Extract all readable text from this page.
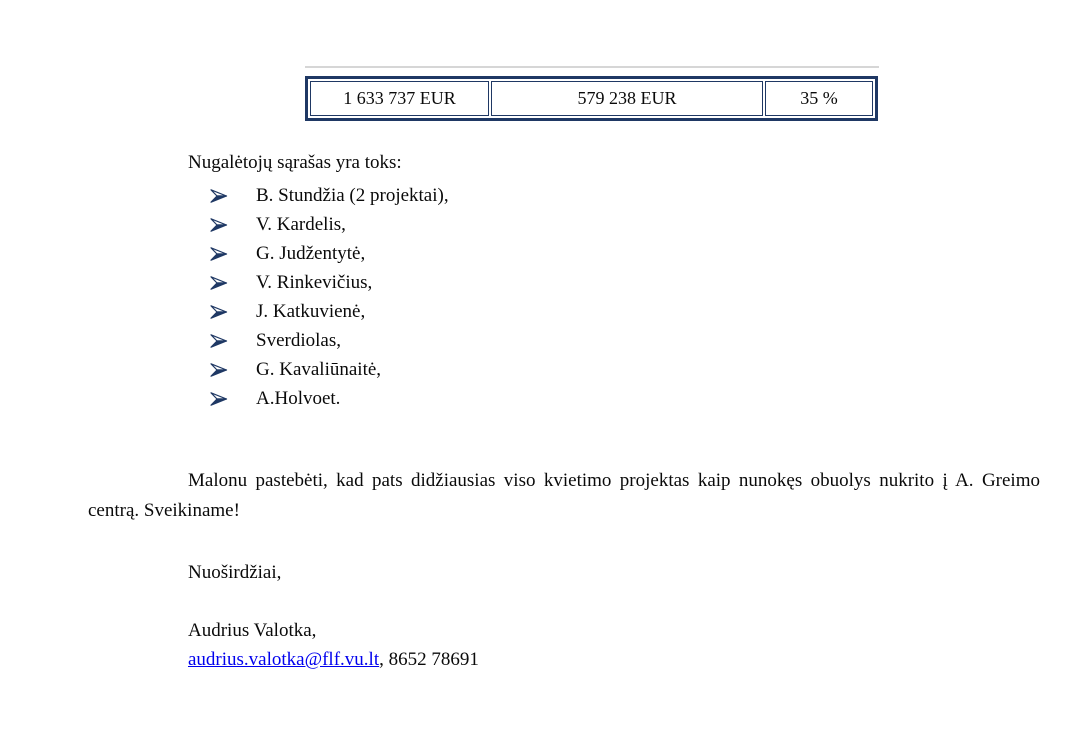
1 633 737 EUR	579 238 EUR	35 %
Nugalėtojų sąrašas yra toks:
B. Stundžia (2 projektai),
V. Kardelis,
G. Judžentytė,
V. Rinkevičius,
J. Katkuvienė,
Sverdiolas,
G. Kavaliūnaitė,
A.Holvoet.

Malonu pastebėti, kad pats didžiausias viso kvietimo projektas kaip nunokęs obuolys nukrito į A. Greimo centrą. Sveikiname!

Nuoširdžiai,
Audrius Valotka,
audrius.valotka@flf.vu.lt, 8652 78691
